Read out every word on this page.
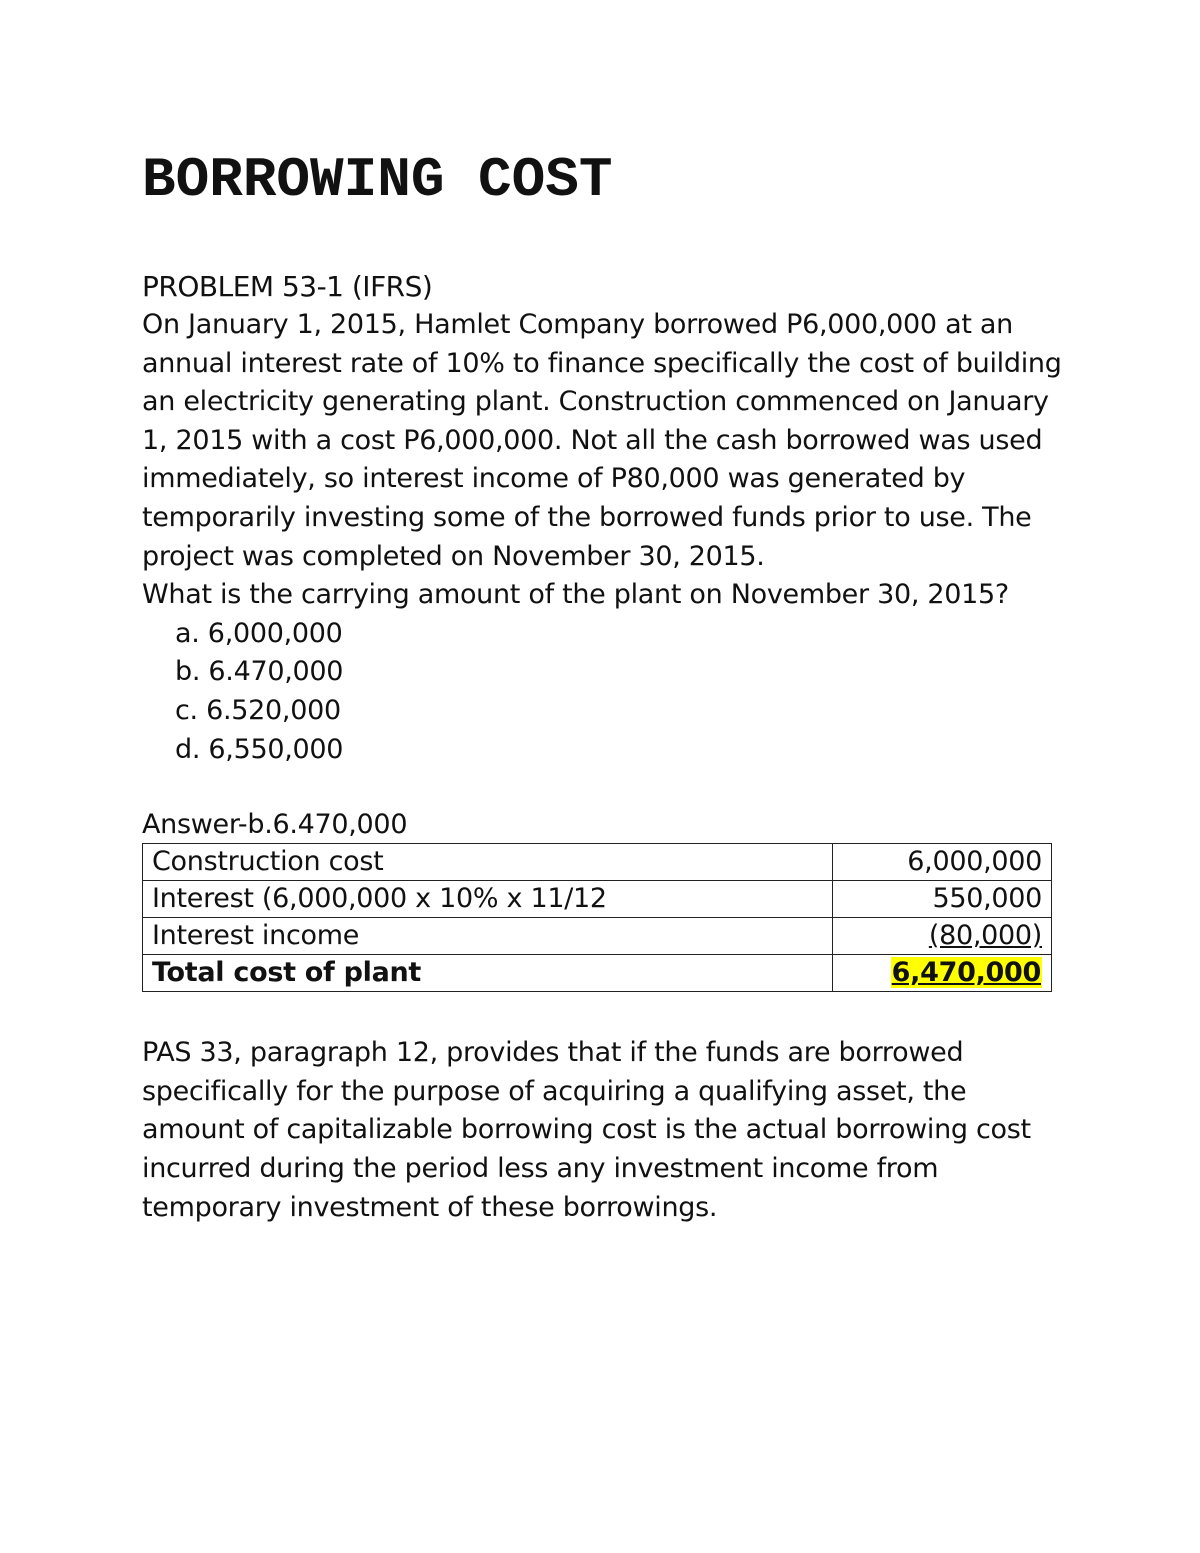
BORROWING COST
PROBLEM 53-1 (IFRS)
On January 1, 2015, Hamlet Company borrowed P6,000,000 at an annual interest rate of 10% to finance specifically the cost of building an electricity generating plant. Construction commenced on January 1, 2015 with a cost P6,000,000. Not all the cash borrowed was used immediately, so interest income of P80,000 was generated by temporarily investing some of the borrowed funds prior to use. The project was completed on November 30, 2015.
What is the carrying amount of the plant on November 30, 2015?
a. 6,000,000
b. 6.470,000
c. 6.520,000
d. 6,550,000
Answer-b.6.470,000
Construction cost	6,000,000
Interest (6,000,000 x 10% x 11/12	550,000
Interest income	(80,000)
Total cost of plant	6,470,000
PAS 33, paragraph 12, provides that if the funds are borrowed specifically for the purpose of acquiring a qualifying asset, the amount of capitalizable borrowing cost is the actual borrowing cost incurred during the period less any investment income from temporary investment of these borrowings.
